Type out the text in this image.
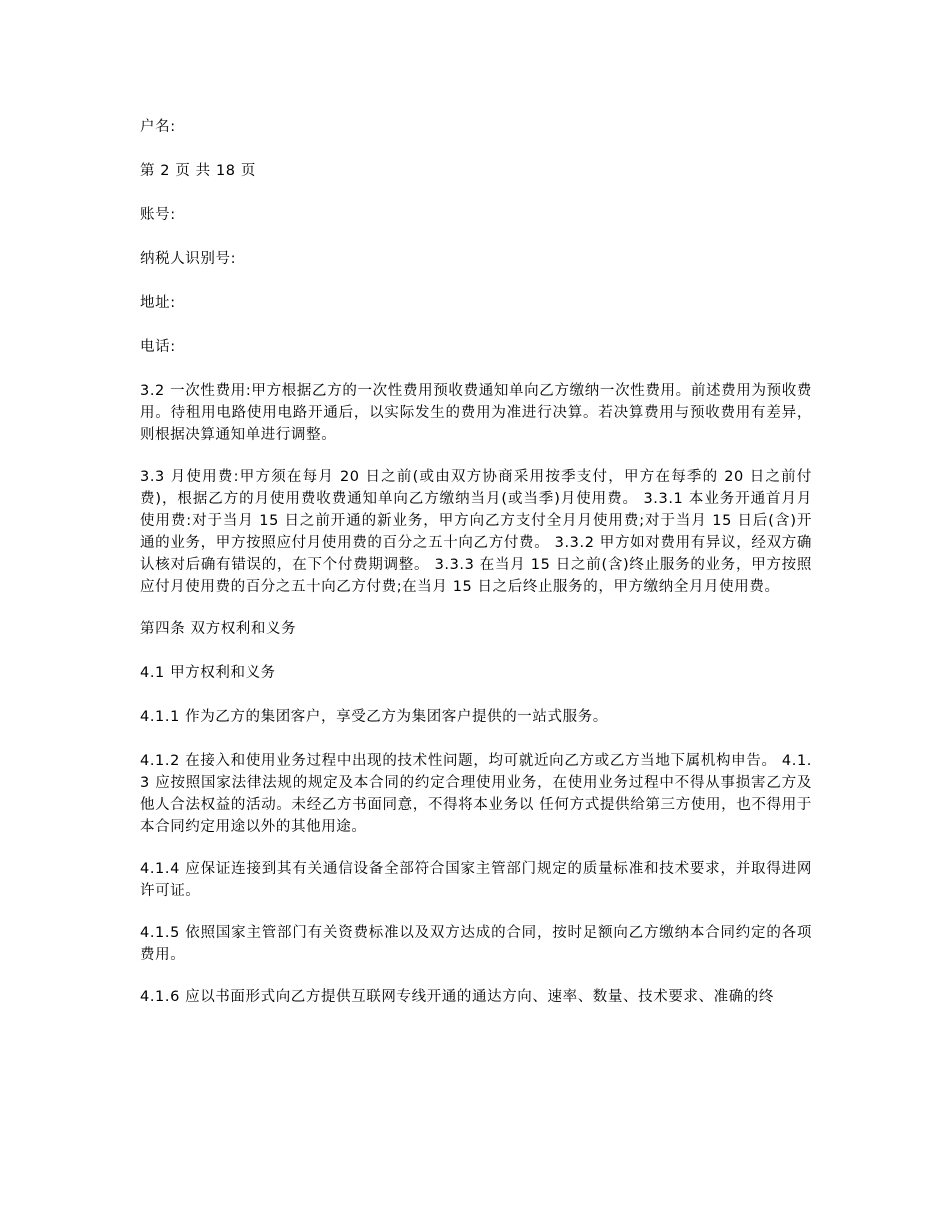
户名:

第 2 页 共 18 页

账号:

纳税人识别号:

地址:

电话:

3.2 一次性费用:甲方根据乙方的一次性费用预收费通知单向乙方缴纳一次性费用。前述费用为预收费用。待租用电路使用电路开通后，以实际发生的费用为准进行决算。若决算费用与预收费用有差异，则根据决算通知单进行调整。

3.3 月使用费:甲方须在每月 20 日之前(或由双方协商采用按季支付，甲方在每季的 20 日之前付费)，根据乙方的月使用费收费通知单向乙方缴纳当月(或当季)月使用费。 3.3.1 本业务开通首月月使用费:对于当月 15 日之前开通的新业务，甲方向乙方支付全月月使用费;对于当月 15 日后(含)开通的业务，甲方按照应付月使用费的百分之五十向乙方付费。 3.3.2 甲方如对费用有异议，经双方确认核对后确有错误的，在下个付费期调整。 3.3.3 在当月 15 日之前(含)终止服务的业务，甲方按照应付月使用费的百分之五十向乙方付费;在当月 15 日之后终止服务的，甲方缴纳全月月使用费。

第四条 双方权利和义务

4.1 甲方权利和义务

4.1.1 作为乙方的集团客户，享受乙方为集团客户提供的一站式服务。

4.1.2 在接入和使用业务过程中出现的技术性问题，均可就近向乙方或乙方当地下属机构申告。 4.1.3 应按照国家法律法规的规定及本合同的约定合理使用业务，在使用业务过程中不得从事损害乙方及他人合法权益的活动。未经乙方书面同意，不得将本业务以 任何方式提供给第三方使用，也不得用于本合同约定用途以外的其他用途。

4.1.4 应保证连接到其有关通信设备全部符合国家主管部门规定的质量标准和技术要求，并取得进网许可证。

4.1.5 依照国家主管部门有关资费标准以及双方达成的合同，按时足额向乙方缴纳本合同约定的各项费用。

4.1.6 应以书面形式向乙方提供互联网专线开通的通达方向、速率、数量、技术要求、准确的终
